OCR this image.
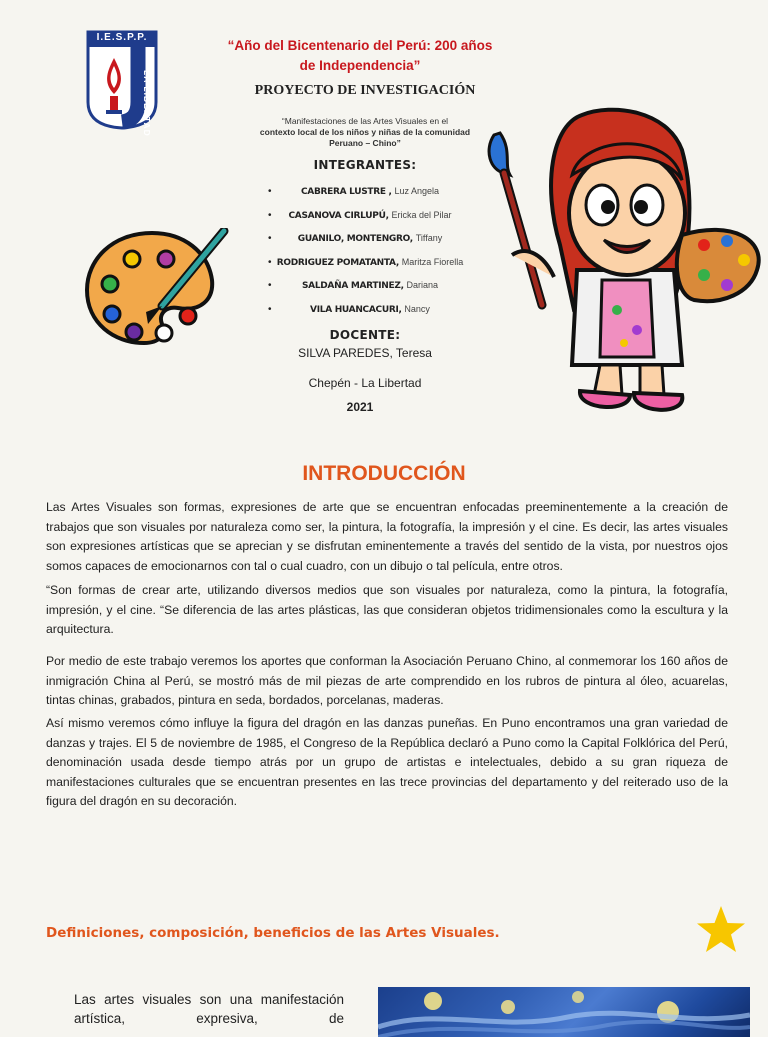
I.E.S.P.P.
LA LIBERTAD
“Año del Bicentenario del Perú: 200 años de Independencia”
PROYECTO DE INVESTIGACIÓN
“Manifestaciones de las Artes Visuales en el
contexto local de los niños y niñas de la comunidad Peruano – Chino”
INTEGRANTES:
•	CABRERA LUSTRE , Luz Angela
• CASANOVA CIRLUPÚ, Ericka del Pilar
•	GUANILO, MONTENGRO, Tiffany
• RODRIGUEZ POMATANTA, Maritza Fiorella
•	SALDAÑA MARTINEZ, Dariana
•	VILA HUANCACURI, Nancy
DOCENTE:
SILVA PAREDES, Teresa
Chepén - La Libertad
2021
INTRODUCCIÓN

Las Artes Visuales son formas, expresiones de arte que se encuentran enfocadas preeminentemente a la creación de trabajos que son visuales por naturaleza como ser, la pintura, la fotografía, la impresión y el cine. Es decir, las artes visuales son expresiones artísticas que se aprecian y se disfrutan eminentemente a través del sentido de la vista, por nuestros ojos somos capaces de emocionarnos con tal o cual cuadro, con un dibujo o tal película, entre otros.

“Son formas de crear arte, utilizando diversos medios que son visuales por naturaleza, como la pintura, la fotografía, impresión, y el cine. “Se diferencia de las artes plásticas, las que consideran objetos tridimensionales como la escultura y la arquitectura.

Por medio de este trabajo veremos los aportes que conforman la Asociación Peruano Chino, al conmemorar los 160 años de inmigración China al Perú, se mostró más de mil piezas de arte comprendido en los rubros de pintura al óleo, acuarelas, tintas chinas, grabados, pintura en seda, bordados, porcelanas, maderas.

Así mismo veremos cómo influye la figura del dragón en las danzas puneñas. En Puno encontramos una gran variedad de danzas y trajes. El 5 de noviembre de 1985, el Congreso de la República declaró a Puno como la Capital Folklórica del Perú, denominación usada desde tiempo atrás por un grupo de artistas e intelectuales, debido a su gran riqueza de manifestaciones culturales que se encuentran presentes en las trece provincias del departamento y del reiterado uso de la figura del dragón en su decoración.

Definiciones, composición, beneficios de las Artes Visuales.

Las artes visuales son una manifestación artística, expresiva, de
